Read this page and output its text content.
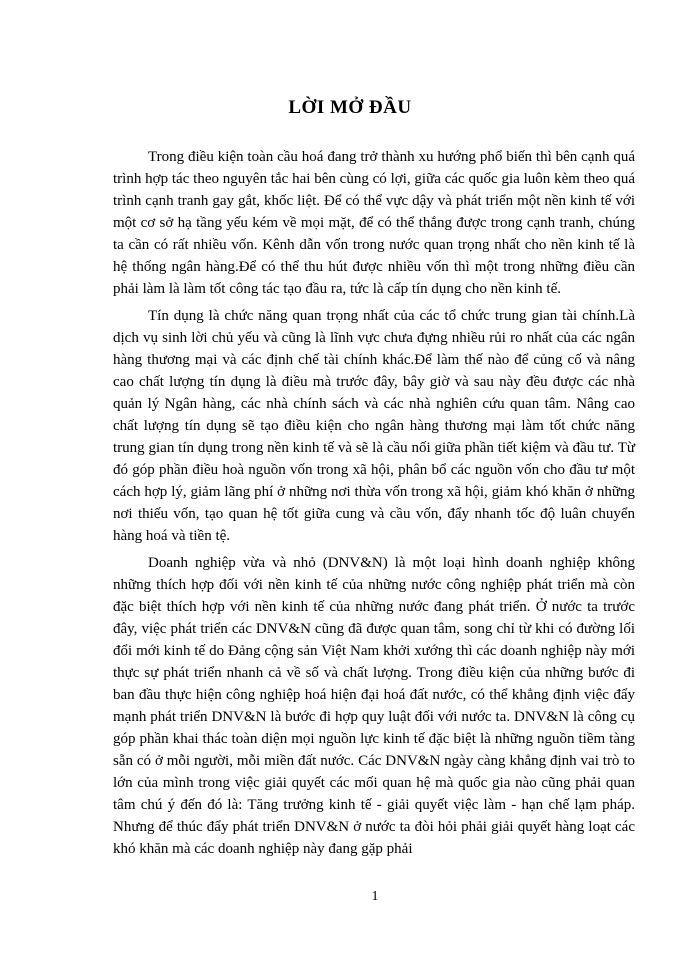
LỜI MỞ ĐẦU

Trong điều kiện toàn cầu hoá đang trở thành xu hướng phổ biến thì bên cạnh quá trình hợp tác theo nguyên tắc hai bên cùng có lợi, giữa các quốc gia luôn kèm theo quá trình cạnh tranh gay gắt, khốc liệt. Để có thể vực dậy và phát triển một nền kinh tế với một cơ sở hạ tầng yếu kém về mọi mặt, để có thể thắng được trong cạnh tranh, chúng ta cần có rất nhiều vốn. Kênh dẫn vốn trong nước quan trọng nhất cho nền kinh tế là hệ thống ngân hàng.Để có thể thu hút được nhiều vốn thì một trong những điều cần phải làm là làm tốt công tác tạo đầu ra, tức là cấp tín dụng cho nền kinh tế.

Tín dụng là chức năng quan trọng nhất của các tổ chức trung gian tài chính.Là dịch vụ sinh lời chủ yếu và cũng là lĩnh vực chưa đựng nhiều rủi ro nhất của các ngân hàng thương mại và các định chế tài chính khác.Để làm thế nào để củng cố và nâng cao chất lượng tín dụng là điều mà trước đây, bây giờ và sau này đều được các nhà quản lý Ngân hàng, các nhà chính sách và các nhà nghiên cứu quan tâm. Nâng cao chất lượng tín dụng sẽ tạo điều kiện cho ngân hàng thương mại làm tốt chức năng trung gian tín dụng trong nền kinh tế và sẽ là cầu nối giữa phần tiết kiệm và đầu tư. Từ đó góp phần điều hoà nguồn vốn trong xã hội, phân bổ các nguồn vốn cho đầu tư một cách hợp lý, giảm lãng phí ở những nơi thừa vốn trong xã hội, giảm khó khăn ở những nơi thiếu vốn, tạo quan hệ tốt giữa cung và cầu vốn, đẩy nhanh tốc độ luân chuyển hàng hoá và tiền tệ.

Doanh nghiệp vừa và nhỏ (DNV&N) là một loại hình doanh nghiệp không những thích hợp đối với nền kinh tế của những nước công nghiệp phát triển mà còn đặc biệt thích hợp với nền kinh tế của những nước đang phát triển. Ở nước ta trước đây, việc phát triển các DNV&N cũng đã được quan tâm, song chỉ từ khi có đường lối đổi mới kinh tế do Đảng cộng sản Việt Nam khởi xướng thì các doanh nghiệp này mới thực sự phát triển nhanh cả về số và chất lượng. Trong điều kiện của những bước đi ban đầu thực hiện công nghiệp hoá hiện đại hoá đất nước, có thể khẳng định việc đẩy mạnh phát triển DNV&N là bước đi hợp quy luật đối với nước ta. DNV&N là công cụ góp phần khai thác toàn diện mọi nguồn lực kinh tế đặc biệt là những nguồn tiềm tàng sẵn có ở mỗi người, mỗi miền đất nước. Các DNV&N ngày càng khẳng định vai trò to lớn của mình trong việc giải quyết các mối quan hệ mà quốc gia nào cũng phải quan tâm chú ý đến đó là: Tăng trưởng kinh tế - giải quyết việc làm - hạn chế lạm pháp. Nhưng để thúc đẩy phát triển DNV&N ở nước ta đòi hỏi phải giải quyết hàng loạt các khó khăn mà các doanh nghiệp này đang gặp phải

1
